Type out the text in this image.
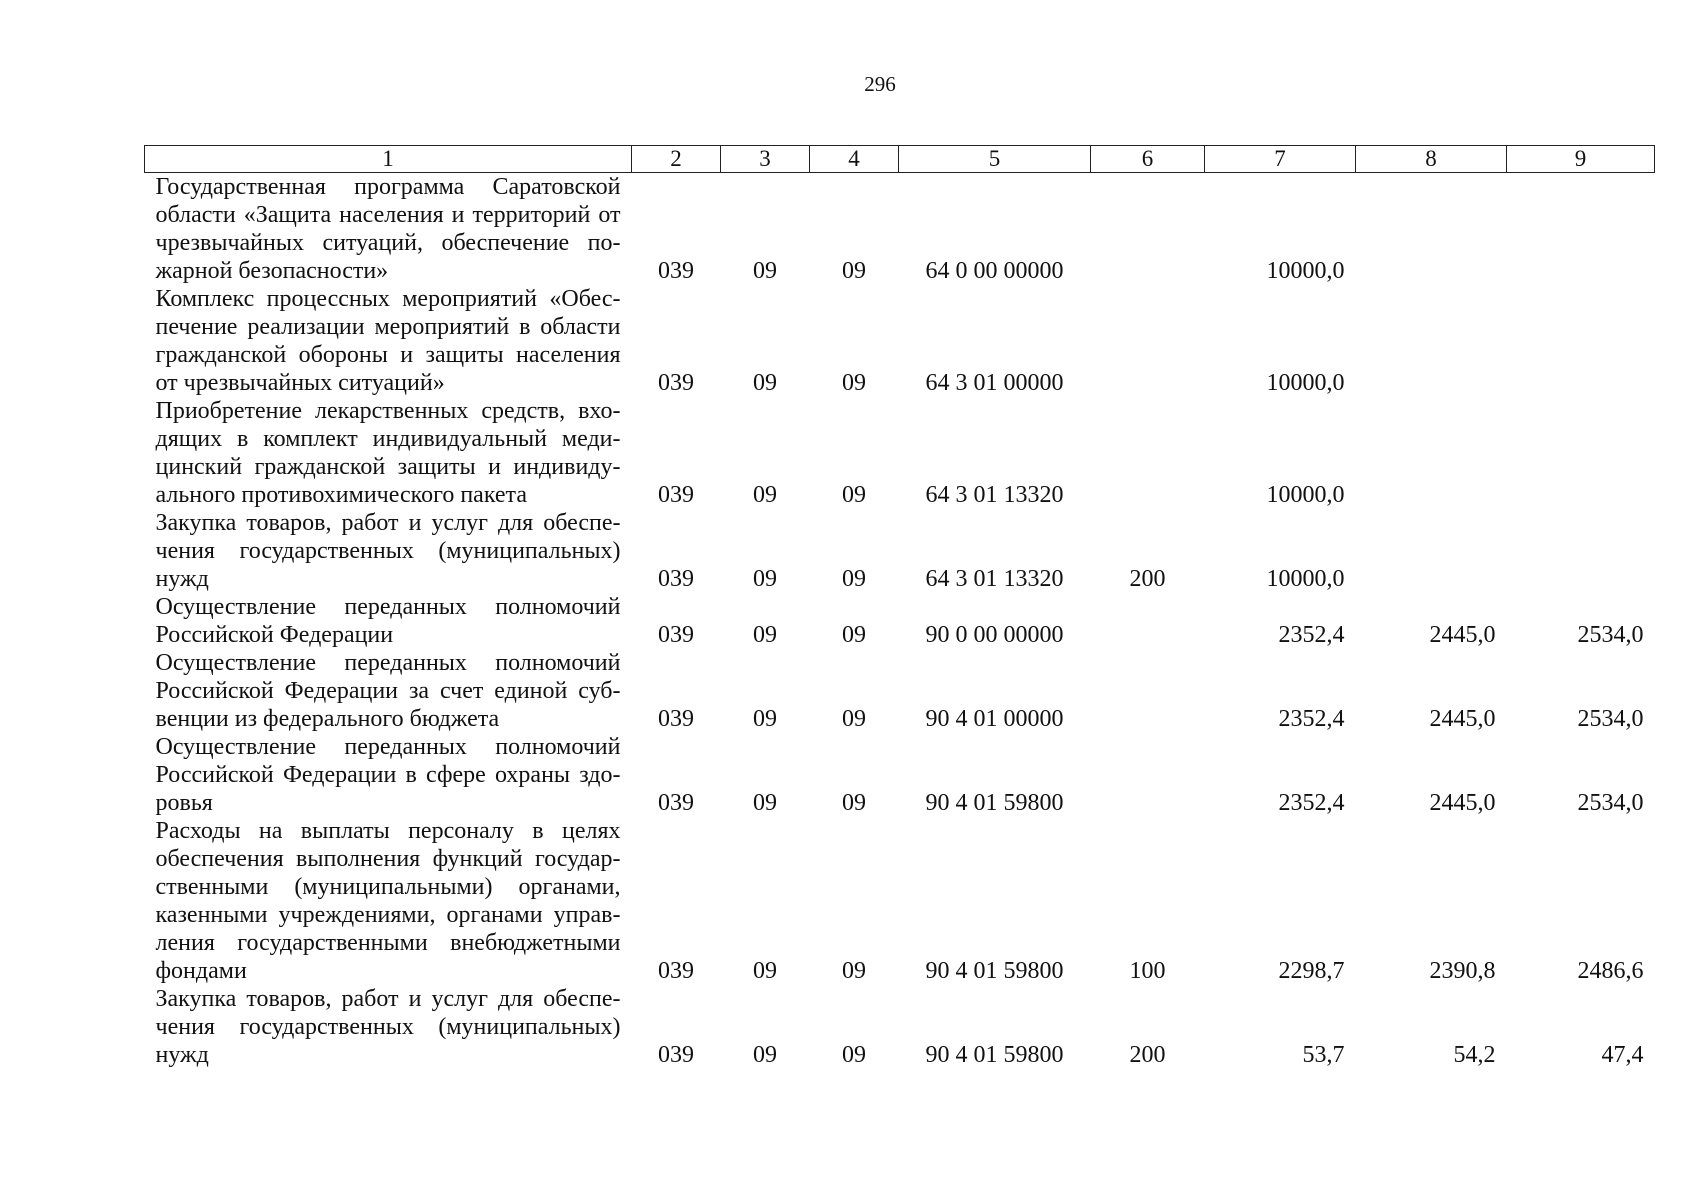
296
1	2	3	4	5	6	7	8	9
Государственная программа Саратовской области «Защита населения и территорий от чрезвычайных ситуаций, обеспечение пожарной безопасности»	039	09	09	64 0 00 00000		10000,0		
Комплекс процессных мероприятий «Обеспечение реализации мероприятий в области гражданской обороны и защиты населения от чрезвычайных ситуаций»	039	09	09	64 3 01 00000		10000,0		
Приобретение лекарственных средств, входящих в комплект индивидуальный медицинский гражданской защиты и индивидуального противохимического пакета	039	09	09	64 3 01 13320		10000,0		
Закупка товаров, работ и услуг для обеспечения государственных (муниципальных) нужд	039	09	09	64 3 01 13320	200	10000,0		
Осуществление переданных полномочий Российской Федерации	039	09	09	90 0 00 00000		2352,4	2445,0	2534,0
Осуществление переданных полномочий Российской Федерации за счет единой субвенции из федерального бюджета	039	09	09	90 4 01 00000		2352,4	2445,0	2534,0
Осуществление переданных полномочий Российской Федерации в сфере охраны здоровья	039	09	09	90 4 01 59800		2352,4	2445,0	2534,0
Расходы на выплаты персоналу в целях обеспечения выполнения функций государственными (муниципальными) органами, казенными учреждениями, органами управления государственными внебюджетными фондами	039	09	09	90 4 01 59800	100	2298,7	2390,8	2486,6
Закупка товаров, работ и услуг для обеспечения государственных (муниципальных) нужд	039	09	09	90 4 01 59800	200	53,7	54,2	47,4
